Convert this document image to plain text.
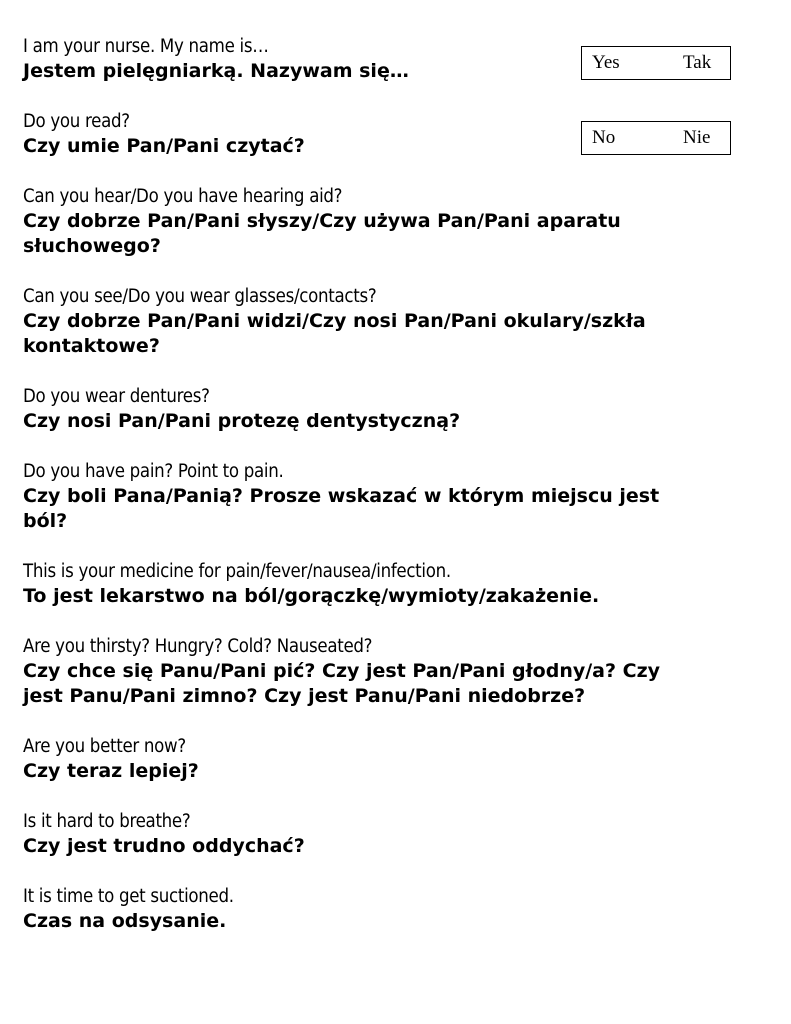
I am your nurse. My name is…
Jestem pielęgniarką. Nazywam się…
Do you read?
Czy umie Pan/Pani czytać?
Can you hear/Do you have hearing aid?
Czy dobrze Pan/Pani słyszy/Czy używa Pan/Pani aparatu słuchowego?
Can you see/Do you wear glasses/contacts?
Czy dobrze Pan/Pani widzi/Czy nosi Pan/Pani okulary/szkła kontaktowe?
Do you wear dentures?
Czy nosi Pan/Pani protezę dentystyczną?
Do you have pain? Point to pain.
Czy boli Pana/Panią? Prosze wskazać w którym miejscu jest ból?
This is your medicine for pain/fever/nausea/infection.
To jest lekarstwo na ból/gorączkę/wymioty/zakażenie.
Are you thirsty? Hungry? Cold? Nauseated?
Czy chce się Panu/Pani pić? Czy jest Pan/Pani głodny/a? Czy jest Panu/Pani zimno? Czy jest Panu/Pani niedobrze?
Are you better now?
Czy teraz lepiej?
Is it hard to breathe?
Czy jest trudno oddychać?
It is time to get suctioned.
Czas na odsysanie.
Yes	Tak
No	Nie
